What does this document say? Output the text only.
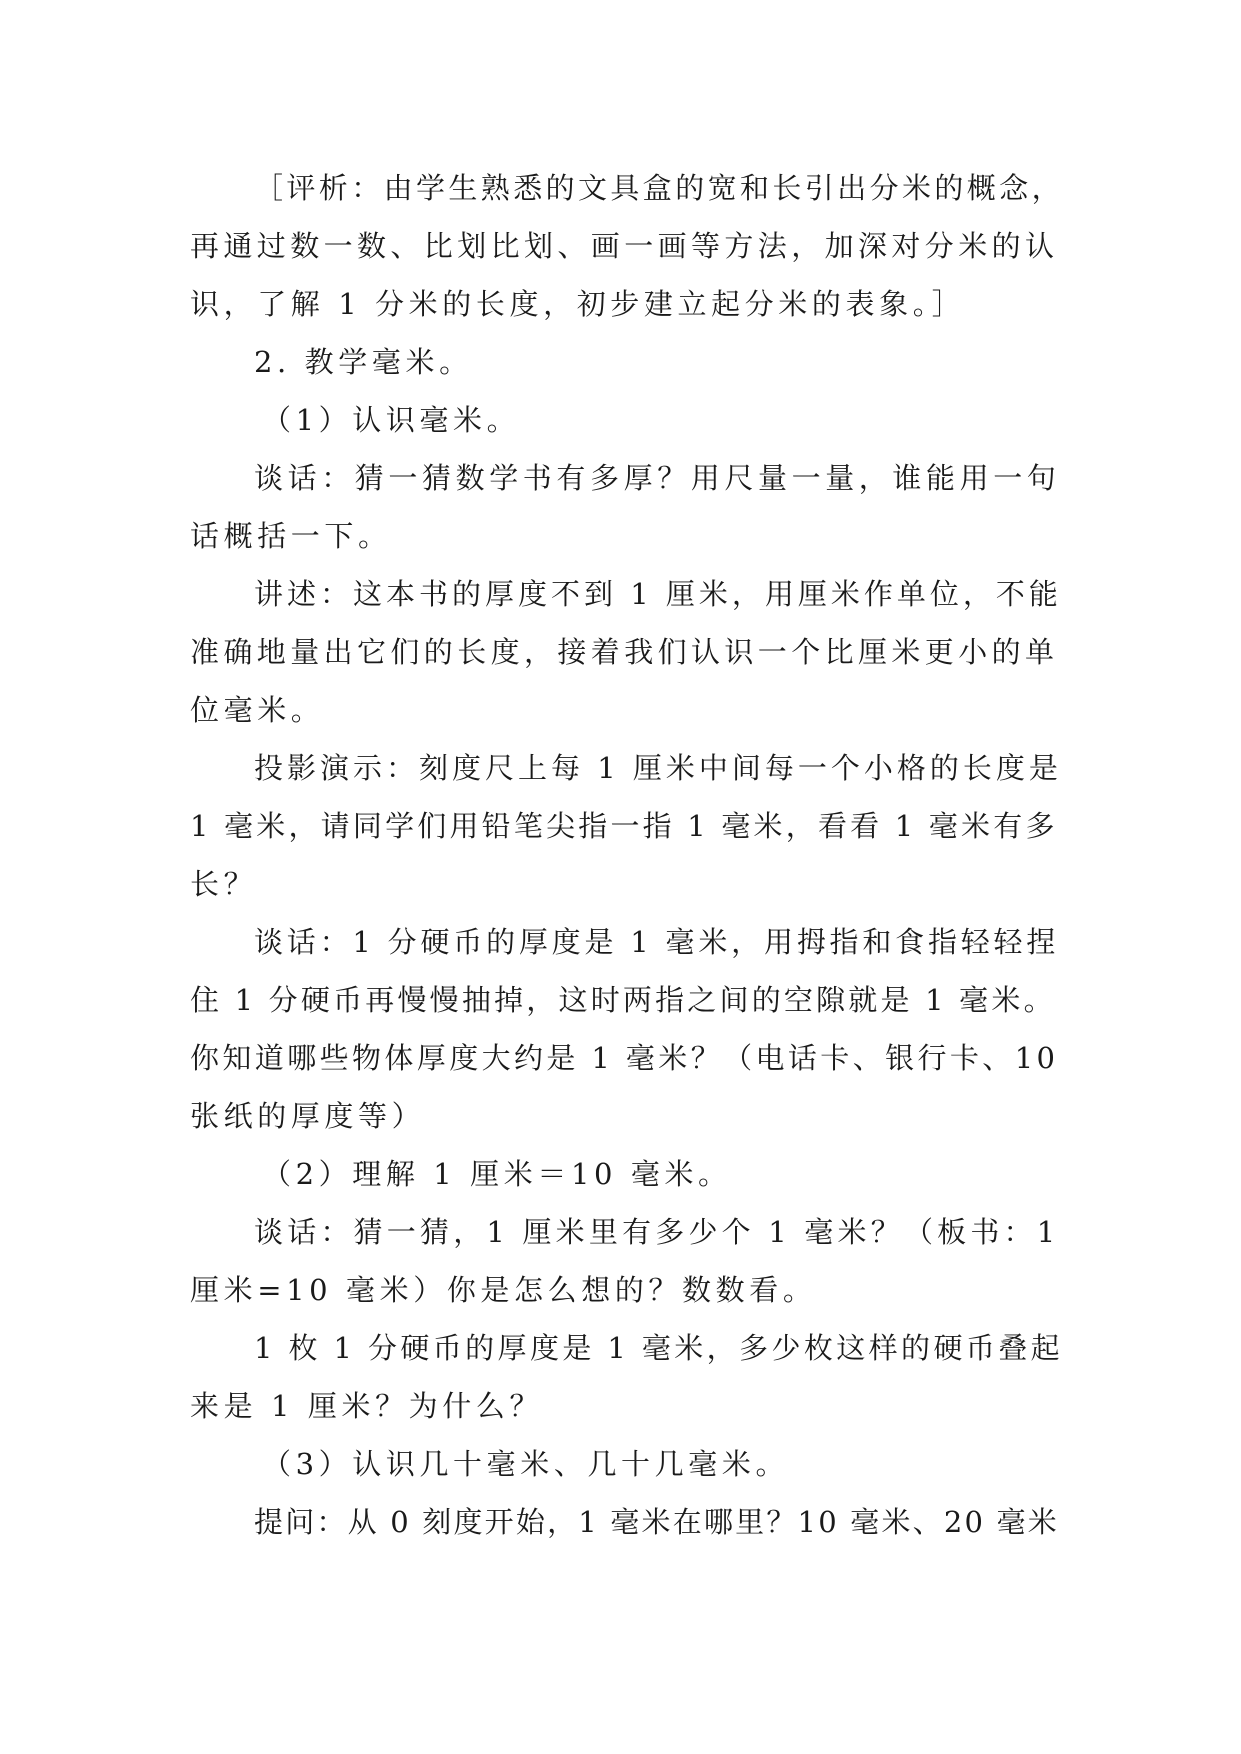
［评析：由学生熟悉的文具盒的宽和长引出分米的概念，
再通过数一数、比划比划、画一画等方法，加深对分米的认
识，了解 1 分米的长度，初步建立起分米的表象。］
2. 教学毫米。
（1）认识毫米。
谈话：猜一猜数学书有多厚？用尺量一量，谁能用一句
话概括一下。
讲述：这本书的厚度不到 1 厘米，用厘米作单位，不能
准确地量出它们的长度，接着我们认识一个比厘米更小的单
位毫米。
投影演示：刻度尺上每 1 厘米中间每一个小格的长度是
1 毫米，请同学们用铅笔尖指一指 1 毫米，看看 1 毫米有多
长？
谈话：1 分硬币的厚度是 1 毫米，用拇指和食指轻轻捏
住 1 分硬币再慢慢抽掉，这时两指之间的空隙就是 1 毫米。
你知道哪些物体厚度大约是 1 毫米？（电话卡、银行卡、10
张纸的厚度等）
（2）理解 1 厘米＝10 毫米。
谈话：猜一猜，1 厘米里有多少个 1 毫米？（板书：1
厘米=10 毫米）你是怎么想的？数数看。
1 枚 1 分硬币的厚度是 1 毫米，多少枚这样的硬币叠起
来是 1 厘米？为什么？
（3）认识几十毫米、几十几毫米。
提问：从 0 刻度开始，1 毫米在哪里？10 毫米、20 毫米
